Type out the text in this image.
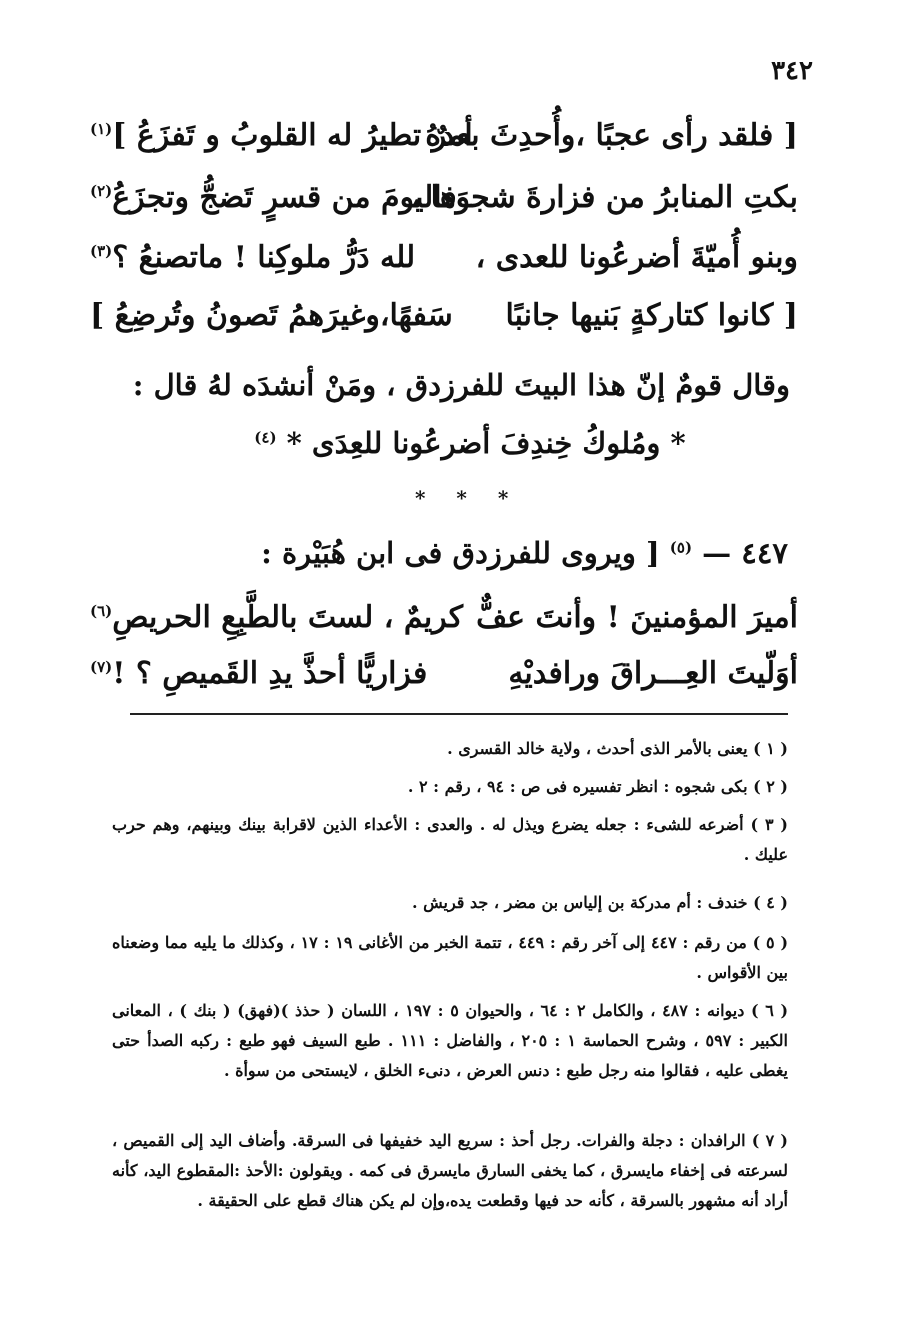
٣٤٢
[ فلقد رأى عجبًا ،وأُحدِثَ بعدهُ
أمرٌ تطيرُ له القلوبُ و تَفزَعُ ]$^{(١)}$
بكتِ المنابرُ من فزارةَ شجوَها ،
فاليومَ من قسرٍ تَضجُّ وتجزَعُ$^{(٢)}$
وبنو أُميّةَ أضرعُونا للعدى ،
لله دَرُّ ملوكِنا ! ماتصنعُ ؟$^{(٣)}$
[ كانوا كتاركةٍ بَنيها جانبًا
سَفهًا،وغيرَهمُ تَصونُ وتُرضِعُ ]
وقال قومٌ إنّ هذا البيتَ للفرزدق ، ومَنْ أنشدَه لهُ قال :
* ومُلوكُ خِندِفَ أضرعُونا للعِدَى * $^{(٤)}$
* * *
٤٤٧ — $^{(٥)}$ [ ويروى للفرزدق فى ابن هُبَيْرة :
أميرَ المؤمنينَ ! وأنتَ عفٌّ
كريمٌ ، لستَ بالطَّبِعِ الحريصِ$^{(٦)}$
أوَلّيتَ العِـــراقَ ورافديْهِ
فزاريًّا أحذَّ يدِ القَميصِ ؟ !$^{(٧)}$
( ١ ) يعنى بالأمر الذى أحدث ، ولاية خالد القسرى .
( ٢ ) بكى شجوه : انظر تفسيره فى ص : ٩٤ ، رقم : ٢ .
( ٣ ) أضرعه للشىء : جعله يضرع ويذل له . والعدى : الأعداء الذين لاقرابة بينك وبينهم، وهم حرب عليك .
( ٤ ) خندف : أم مدركة بن إلياس بن مضر ، جد قريش .
( ٥ ) من رقم : ٤٤٧ إلى آخر رقم : ٤٤٩ ، تتمة الخبر من الأغانى ١٩ : ١٧ ، وكذلك ما يليه مما وضعناه بين الأقواس .
( ٦ ) ديوانه : ٤٨٧ ، والكامل ٢ : ٦٤ ، والحيوان ٥ : ١٩٧ ، اللسان ( حذذ )(فهق) ( بنك ) ، المعانى الكبير : ٥٩٧ ، وشرح الحماسة ١ : ٢٠٥ ، والفاضل : ١١١ . طبع السيف فهو طبع : ركبه الصدأ حتى يغطى عليه ، فقالوا منه رجل طبع : دنس العرض ، دنىء الخلق ، لايستحى من سوأة .
( ٧ ) الرافدان : دجلة والفرات. رجل أحذ : سريع اليد خفيفها فى السرقة. وأضاف اليد إلى القميص ، لسرعته فى إخفاء مايسرق ، كما يخفى السارق مايسرق فى كمه . ويقولون :الأحذ :المقطوع اليد، كأنه أراد أنه مشهور بالسرقة ، كأنه حد فيها وقطعت يده،وإن لم يكن هناك قطع على الحقيقة .
